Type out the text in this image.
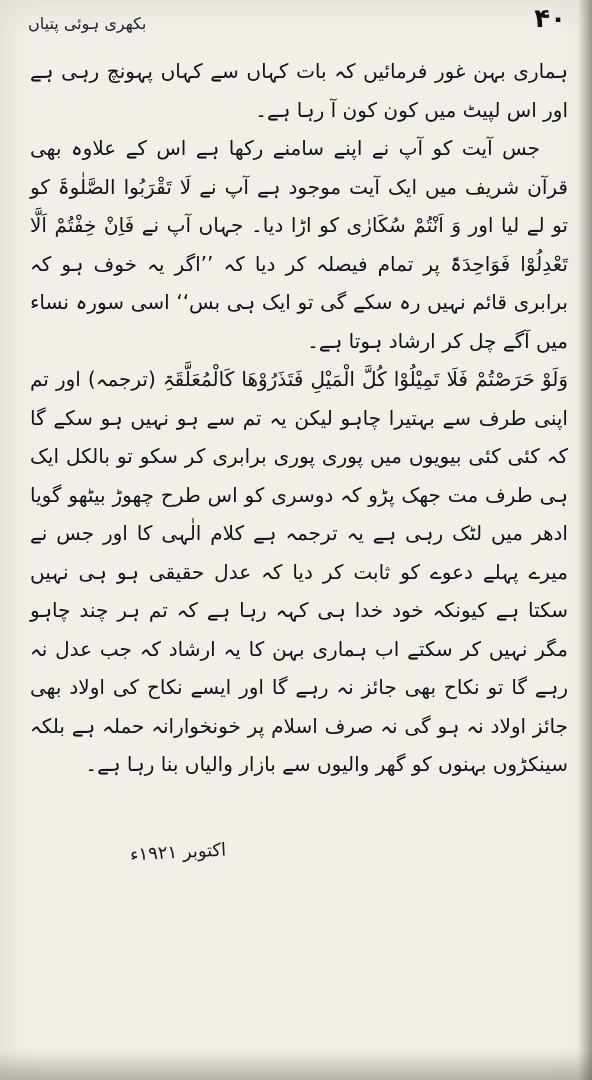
۴۰
بکھری ہوئی پتیاں

ہماری بہن غور فرمائیں کہ بات کہاں سے کہاں پہونچ رہی ہے اور اس لپیٹ میں کون کون آ رہا ہے۔

جس آیت کو آپ نے اپنے سامنے رکھا ہے اس کے علاوہ بھی قرآن شریف میں ایک آیت موجود ہے آپ نے لَا تَقْرَبُوا الصَّلٰوۃَ کو تو لے لیا اور وَ اَنْتُمْ سُکَارٰی کو اڑا دیا۔ جہاں آپ نے فَاِنْ خِفْتُمْ اَلَّا تَعْدِلُوْا فَوَاحِدَۃً پر تمام فیصلہ کر دیا کہ ’’اگر یہ خوف ہو کہ برابری قائم نہیں رہ سکے گی تو ایک ہی بس‘‘ اسی سورہ نساء میں آگے چل کر ارشاد ہوتا ہے۔

وَلَوْ حَرَصْتُمْ فَلَا تَمِیْلُوْا کُلَّ الْمَیْلِ فَتَذَرُوْھَا کَالْمُعَلَّقَۃِ (ترجمہ) اور تم اپنی طرف سے بہتیرا چاہو لیکن یہ تم سے ہو نہیں ہو سکے گا کہ کئی کئی بیویوں میں پوری پوری برابری کر سکو تو بالکل ایک ہی طرف مت جھک پڑو کہ دوسری کو اس طرح چھوڑ بیٹھو گویا ادھر میں لٹک رہی ہے یہ ترجمہ ہے کلام الٰہی کا اور جس نے میرے پہلے دعوے کو ثابت کر دیا کہ عدل حقیقی ہو ہی نہیں سکتا ہے کیونکہ خود خدا ہی کہہ رہا ہے کہ تم ہر چند چاہو مگر نہیں کر سکتے اب ہماری بہن کا یہ ارشاد کہ جب عدل نہ رہے گا تو نکاح بھی جائز نہ رہے گا اور ایسے نکاح کی اولاد بھی جائز اولاد نہ ہو گی نہ صرف اسلام پر خونخوارانہ حملہ ہے بلکہ سینکڑوں بہنوں کو گھر والیوں سے بازار والیاں بنا رہا ہے۔

اکتوبر ۱۹۲۱ء
